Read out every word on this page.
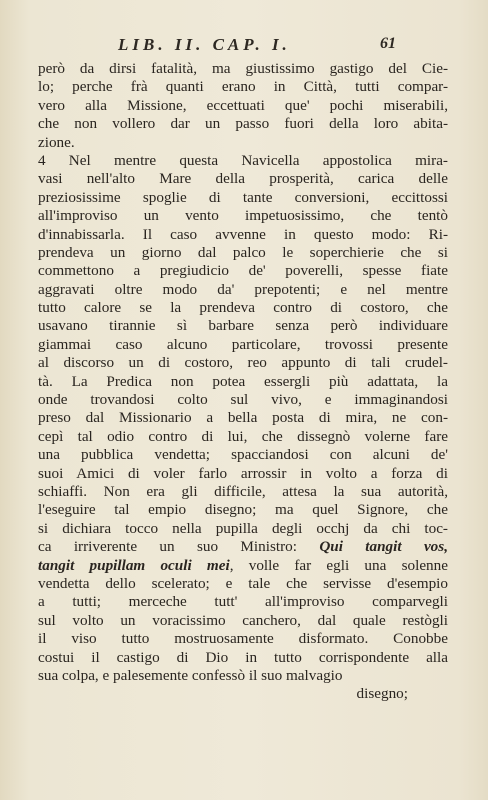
LIB. II. CAP. I.	61
però da dirsi fatalità, ma giustissimo gastigo del Cie-
lo; perche frà quanti erano in Città, tutti compar-
vero alla Missione, eccettuati que' pochi miserabili,
che non vollero dar un passo fuori della loro abita-
zione.
4 Nel mentre questa Navicella appostolica mira-
vasi nell'alto Mare della prosperità, carica delle
preziosissime spoglie di tante conversioni, eccittossi
all'improviso un vento impetuosissimo, che tentò
d'innabissarla. Il caso avvenne in questo modo: Ri-
prendeva un giorno dal palco le soperchierie che si
commettono a pregiudicio de' poverelli, spesse fiate
aggravati oltre modo da' prepotenti; e nel mentre
tutto calore se la prendeva contro di costoro, che
usavano tirannie sì barbare senza però individuare
giammai caso alcuno particolare, trovossi presente
al discorso un di costoro, reo appunto di tali crudel-
tà. La Predica non potea essergli più adattata, la
onde trovandosi colto sul vivo, e immaginandosi
preso dal Missionario a bella posta di mira, ne con-
cepì tal odio contro di lui, che dissegnò volerne fare
una pubblica vendetta; spacciandosi con alcuni de'
suoi Amici di voler farlo arrossir in volto a forza di
schiaffi. Non era gli difficile, attesa la sua autorità,
l'eseguire tal empio disegno; ma quel Signore, che
si dichiara tocco nella pupilla degli occhj da chi toc-
ca irriverente un suo Ministro: Qui tangit vos,
tangit pupillam oculi mei, volle far egli una solenne
vendetta dello scelerato; e tale che servisse d'esempio
a tutti; merceche tutt' all'improviso comparvegli
sul volto un voracissimo canchero, dal quale restògli
il viso tutto mostruosamente disformato. Conobbe
costui il castigo di Dio in tutto corrispondente alla
sua colpa, e palesemente confessò il suo malvagio
disegno;
